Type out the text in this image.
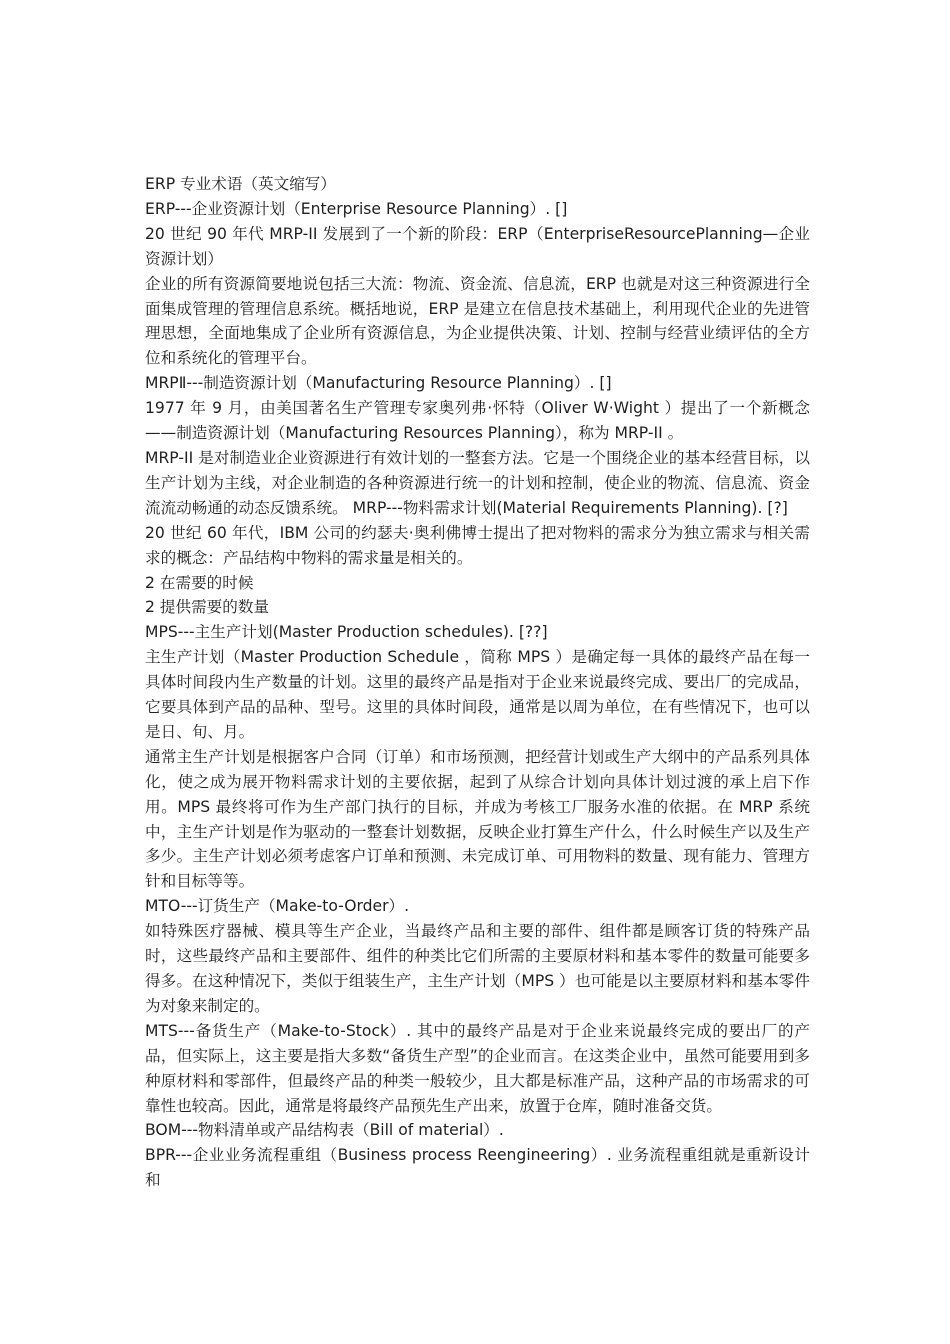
ERP 专业术语（英文缩写）

ERP---企业资源计划（Enterprise Resource Planning）. []

20 世纪 90 年代 MRP-II 发展到了一个新的阶段：ERP（EnterpriseResourcePlanning—企业资源计划）

企业的所有资源简要地说包括三大流：物流、资金流、信息流，ERP 也就是对这三种资源进行全面集成管理的管理信息系统。概括地说，ERP 是建立在信息技术基础上，利用现代企业的先进管理思想，全面地集成了企业所有资源信息，为企业提供决策、计划、控制与经营业绩评估的全方位和系统化的管理平台。

MRPⅡ---制造资源计划（Manufacturing Resource Planning）. []

1977 年 9 月，由美国著名生产管理专家奥列弗·怀特（Oliver W·Wight ）提出了一个新概念——制造资源计划（Manufacturing Resources Planning），称为 MRP-II 。

MRP-II 是对制造业企业资源进行有效计划的一整套方法。它是一个围绕企业的基本经营目标，以生产计划为主线，对企业制造的各种资源进行统一的计划和控制，使企业的物流、信息流、资金流流动畅通的动态反馈系统。 MRP---物料需求计划(Material Requirements Planning). [?]

20 世纪 60 年代，IBM 公司的约瑟夫·奥利佛博士提出了把对物料的需求分为独立需求与相关需求的概念：产品结构中物料的需求量是相关的。

2 在需要的时候

2 提供需要的数量

MPS---主生产计划(Master Production schedules). [??]

主生产计划（Master Production Schedule ，简称 MPS ）是确定每一具体的最终产品在每一具体时间段内生产数量的计划。这里的最终产品是指对于企业来说最终完成、要出厂的完成品，它要具体到产品的品种、型号。这里的具体时间段，通常是以周为单位，在有些情况下，也可以是日、旬、月。

通常主生产计划是根据客户合同（订单）和市场预测，把经营计划或生产大纲中的产品系列具体化，使之成为展开物料需求计划的主要依据，起到了从综合计划向具体计划过渡的承上启下作用。MPS 最终将可作为生产部门执行的目标，并成为考核工厂服务水准的依据。在 MRP 系统中，主生产计划是作为驱动的一整套计划数据，反映企业打算生产什么，什么时候生产以及生产多少。主生产计划必须考虑客户订单和预测、未完成订单、可用物料的数量、现有能力、管理方针和目标等等。

MTO---订货生产（Make-to-Order）.

如特殊医疗器械、模具等生产企业，当最终产品和主要的部件、组件都是顾客订货的特殊产品时，这些最终产品和主要部件、组件的种类比它们所需的主要原材料和基本零件的数量可能要多得多。在这种情况下，类似于组装生产，主生产计划（MPS ）也可能是以主要原材料和基本零件为对象来制定的。

MTS---备货生产（Make-to-Stock）. 其中的最终产品是对于企业来说最终完成的要出厂的产品，但实际上，这主要是指大多数“备货生产型”的企业而言。在这类企业中，虽然可能要用到多种原材料和零部件，但最终产品的种类一般较少，且大都是标准产品，这种产品的市场需求的可靠性也较高。因此，通常是将最终产品预先生产出来，放置于仓库，随时准备交货。

BOM---物料清单或产品结构表（Bill of material）.

BPR---企业业务流程重组（Business process Reengineering）. 业务流程重组就是重新设计和
